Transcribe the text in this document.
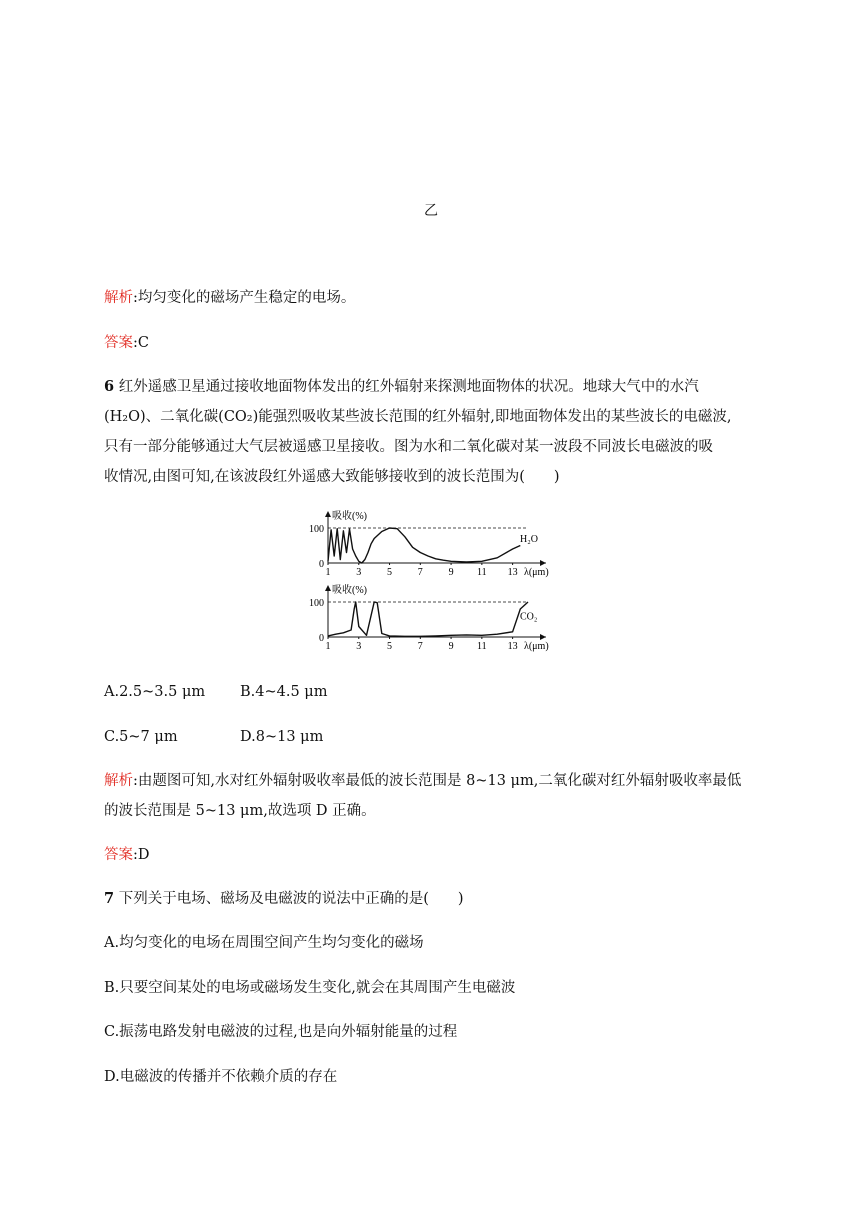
乙
解析:均匀变化的磁场产生稳定的电场。
答案:C
6 红外遥感卫星通过接收地面物体发出的红外辐射来探测地面物体的状况。地球大气中的水汽
(H₂O)、二氧化碳(CO₂)能强烈吸收某些波长范围的红外辐射,即地面物体发出的某些波长的电磁波,
只有一部分能够通过大气层被遥感卫星接收。图为水和二氧化碳对某一波段不同波长电磁波的吸
收情况,由图可知,在该波段红外遥感大致能够接收到的波长范围为(　　)
0
100
1	3	5	7	9 11 13 λ(μm)
吸收(%)
H₂O
0
100
1	3	5	7	9 11 13 λ(μm)
吸收(%)
CO₂
A.2.5~3.5 μm B.4~4.5 μm
C.5~7 μm	D.8~13 μm
解析:由题图可知,水对红外辐射吸收率最低的波长范围是 8~13 μm,二氧化碳对红外辐射吸收率最低
的波长范围是 5~13 μm,故选项 D 正确。
答案:D
7 下列关于电场、磁场及电磁波的说法中正确的是(　　)
A.均匀变化的电场在周围空间产生均匀变化的磁场
B.只要空间某处的电场或磁场发生变化,就会在其周围产生电磁波
C.振荡电路发射电磁波的过程,也是向外辐射能量的过程
D.电磁波的传播并不依赖介质的存在
